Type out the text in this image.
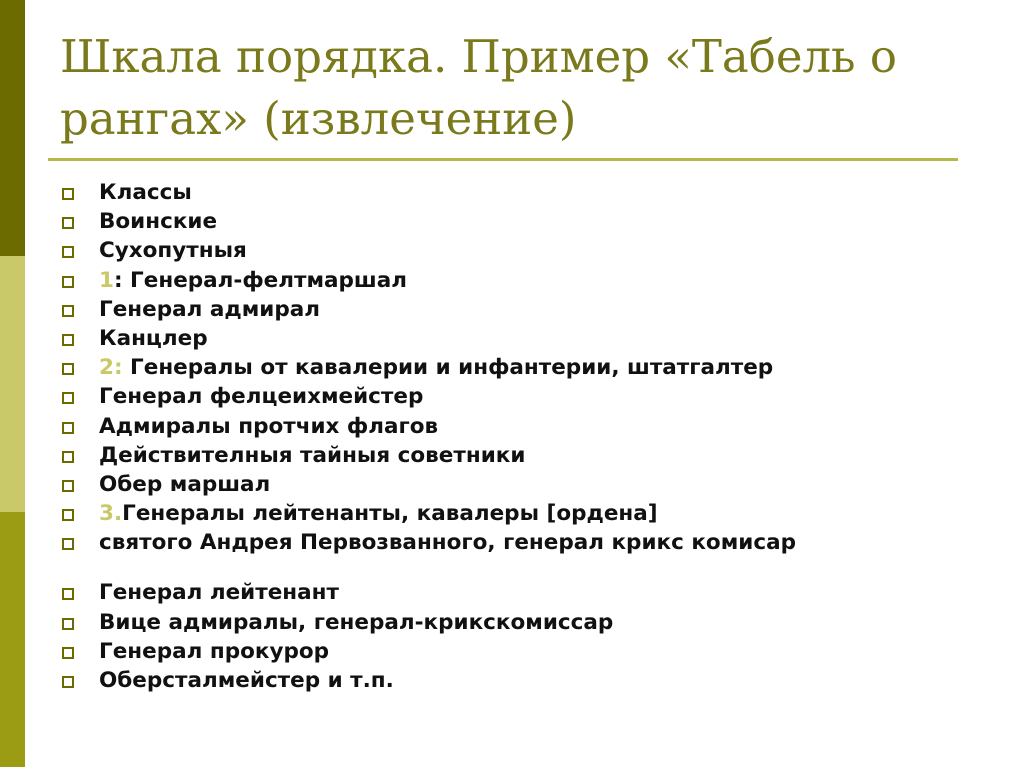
Шкала порядка. Пример «Табель о рангах» (извлечение)
Классы
Воинские
Сухопутныя
1: Генерал-фелтмаршал
Генерал адмирал
Канцлер
2: Генералы от кавалерии и инфантерии, штатгалтер
Генерал фелцеихмейстер
Адмиралы протчих флагов
Действителныя тайныя советники
Обер маршал
3.Генералы лейтенанты, кавалеры [ордена]
святого Андрея Первозванного, генерал крикс комисар
Генерал лейтенант
Вице адмиралы, генерал-крикскомиссар
Генерал прокурор
Оберсталмейстер и т.п.
